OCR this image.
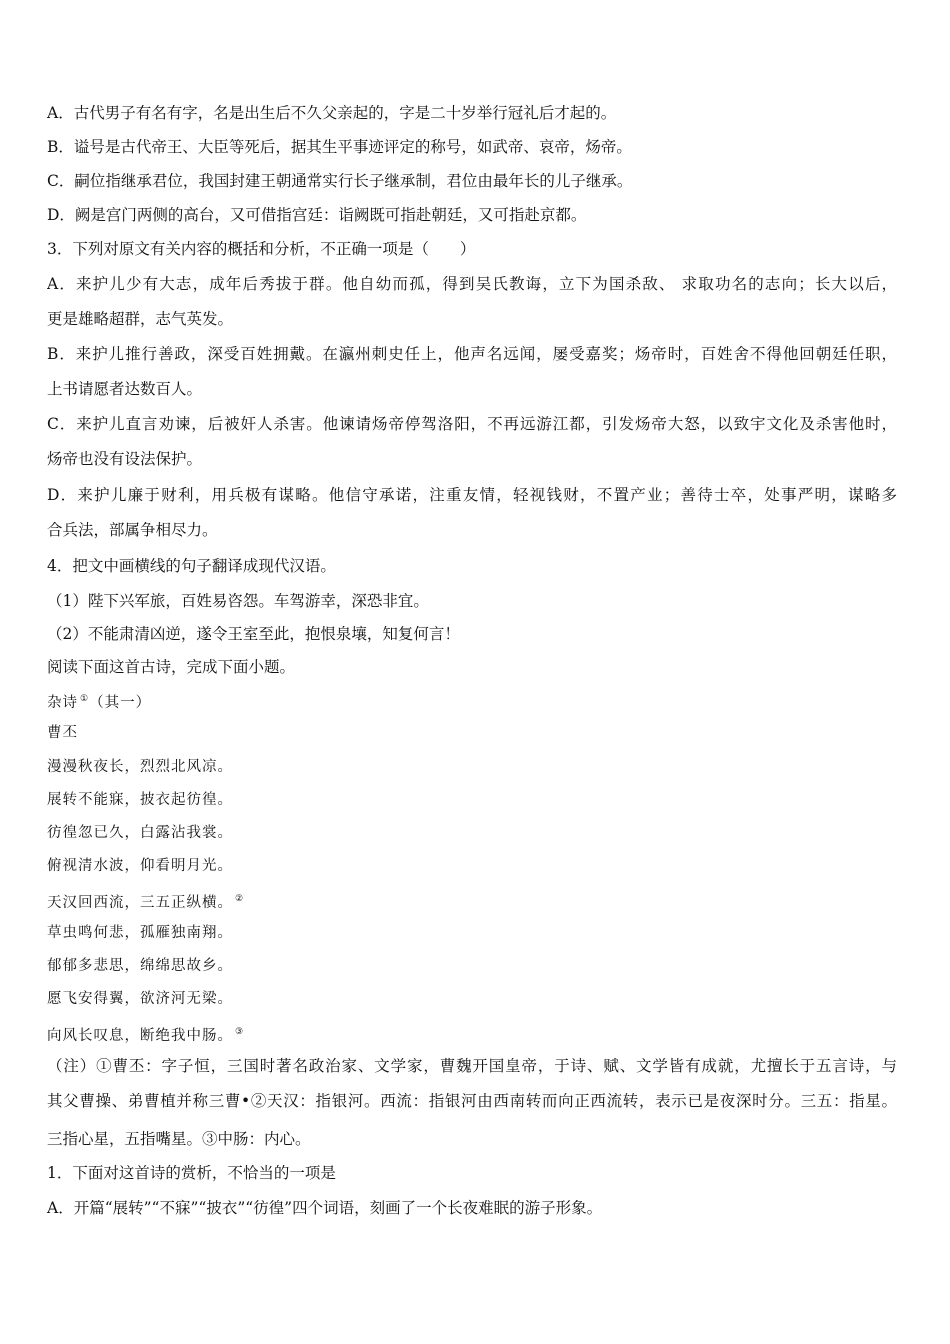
A．古代男子有名有字，名是出生后不久父亲起的，字是二十岁举行冠礼后才起的。
B．谥号是古代帝王、大臣等死后，据其生平事迹评定的称号，如武帝、哀帝，炀帝。
C．嗣位指继承君位，我国封建王朝通常实行长子继承制，君位由最年长的儿子继承。
D．阙是宫门两侧的高台，又可借指宫廷：诣阙既可指赴朝廷，又可指赴京都。
3．下列对原文有关内容的概括和分析，不正确一项是（　　）
A．来护儿少有大志，成年后秀拔于群。他自幼而孤，得到吴氏教诲，立下为国杀敌、 求取功名的志向；长大以后，
更是雄略超群，志气英发。
B．来护儿推行善政，深受百姓拥戴。在瀛州刺史任上，他声名远闻，屡受嘉奖；炀帝时，百姓舍不得他回朝廷任职，
上书请愿者达数百人。
C．来护儿直言劝谏，后被奸人杀害。他谏请炀帝停驾洛阳，不再远游江都，引发炀帝大怒，以致宇文化及杀害他时，
炀帝也没有设法保护。
D．来护儿廉于财利，用兵极有谋略。他信守承诺，注重友情，轻视钱财，不置产业；善待士卒，处事严明，谋略多
合兵法，部属争相尽力。
4．把文中画横线的句子翻译成现代汉语。
（1）陛下兴军旅，百姓易咨怨。车驾游幸，深恐非宜。
（2）不能肃清凶逆，遂令王室至此，抱恨泉壤，知复何言！
阅读下面这首古诗，完成下面小题。
杂诗 ①（其一）
曹丕
漫漫秋夜长，烈烈北风凉。
展转不能寐，披衣起彷徨。
彷徨忽已久，白露沾我裳。
俯视清水波，仰看明月光。
天汉回西流，三五正纵横。 ②
草虫鸣何悲，孤雁独南翔。
郁郁多悲思，绵绵思故乡。
愿飞安得翼，欲济河无梁。
向风长叹息，断绝我中肠。 ③
（注）①曹丕：字子恒，三国时著名政治家、文学家，曹魏开国皇帝，于诗、赋、文学皆有成就，尤擅长于五言诗，与
其父曹操、弟曹植并称三曹•②天汉：指银河。西流：指银河由西南转而向正西流转，表示已是夜深时分。三五：指星。
三指心星，五指嘴星。③中肠：内心。
1．下面对这首诗的赏析，不恰当的一项是
A．开篇“展转”“不寐”“披衣”“彷徨”四个词语，刻画了一个长夜难眠的游子形象。
